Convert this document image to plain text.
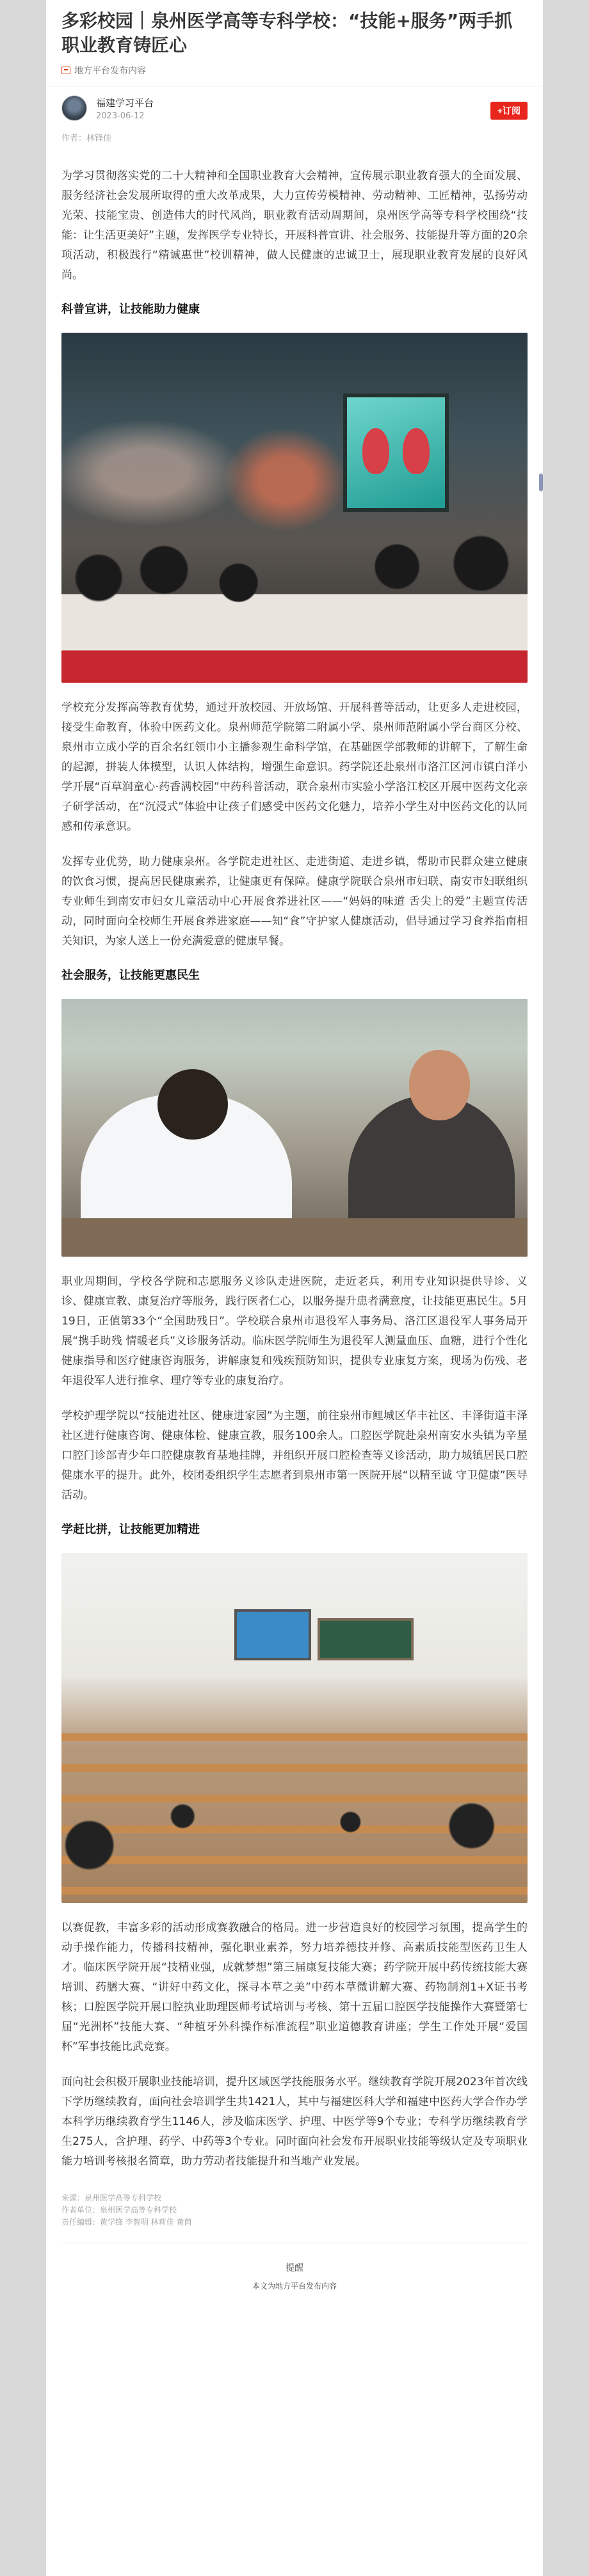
多彩校园｜泉州医学高等专科学校：“技能+服务”两手抓 职业教育铸匠心
地方平台发布内容
福建学习平台
2023-06-12	+订阅
作者：林锋佳

为学习贯彻落实党的二十大精神和全国职业教育大会精神，宣传展示职业教育强大的全面发展、服务经济社会发展所取得的重大改革成果，大力宣传劳模精神、劳动精神、工匠精神，弘扬劳动光荣、技能宝贵、创造伟大的时代风尚，职业教育活动周期间，泉州医学高等专科学校围绕“技能：让生活更美好”主题，发挥医学专业特长，开展科普宣讲、社会服务、技能提升等方面的20余项活动，积极践行“精诚惠世”校训精神，做人民健康的忠诚卫士，展现职业教育发展的良好风尚。

科普宣讲，让技能助力健康

学校充分发挥高等教育优势，通过开放校园、开放场馆、开展科普等活动，让更多人走进校园，接受生命教育，体验中医药文化。泉州师范学院第二附属小学、泉州师范附属小学台商区分校、泉州市立成小学的百余名红领巾小主播参观生命科学馆，在基础医学部教师的讲解下，了解生命的起源，拼装人体模型，认识人体结构，增强生命意识。药学院还赴泉州市洛江区河市镇白洋小学开展“百草润童心·药香满校园”中药科普活动，联合泉州市实验小学洛江校区开展中医药文化亲子研学活动，在“沉浸式”体验中让孩子们感受中医药文化魅力，培养小学生对中医药文化的认同感和传承意识。

发挥专业优势，助力健康泉州。各学院走进社区、走进街道、走进乡镇，帮助市民群众建立健康的饮食习惯，提高居民健康素养，让健康更有保障。健康学院联合泉州市妇联、南安市妇联组织专业师生到南安市妇女儿童活动中心开展食养进社区——“妈妈的味道 舌尖上的爱”主题宣传活动，同时面向全校师生开展食养进家庭——知“食”守护家人健康活动，倡导通过学习食养指南相关知识，为家人送上一份充满爱意的健康早餐。

社会服务，让技能更惠民生

职业周期间，学校各学院和志愿服务义诊队走进医院，走近老兵，利用专业知识提供导诊、义诊、健康宣教、康复治疗等服务，践行医者仁心，以服务提升患者满意度，让技能更惠民生。5月19日，正值第33个“全国助残日”。学校联合泉州市退役军人事务局、洛江区退役军人事务局开展“携手助残 情暖老兵”义诊服务活动。临床医学院师生为退役军人测量血压、血糖，进行个性化健康指导和医疗健康咨询服务，讲解康复和残疾预防知识，提供专业康复方案，现场为伤残、老年退役军人进行推拿、理疗等专业的康复治疗。

学校护理学院以“技能进社区、健康进家园”为主题，前往泉州市鲤城区华丰社区、丰泽街道丰泽社区进行健康咨询、健康体检、健康宣教，服务100余人。口腔医学院赴泉州南安水头镇为辛星口腔门诊部青少年口腔健康教育基地挂牌，并组织开展口腔检查等义诊活动，助力城镇居民口腔健康水平的提升。此外，校团委组织学生志愿者到泉州市第一医院开展“以精至诚 守卫健康”医导活动。

学赶比拼，让技能更加精进

以赛促教，丰富多彩的活动形成赛教融合的格局。进一步营造良好的校园学习氛围，提高学生的动手操作能力，传播科技精神，强化职业素养，努力培养德技并修、高素质技能型医药卫生人才。临床医学院开展“技精业强，成就梦想”第三届康复技能大赛；药学院开展中药传统技能大赛培训、药膳大赛、“讲好中药文化，探寻本草之美”中药本草微讲解大赛、药物制剂1+X证书考核；口腔医学院开展口腔执业助理医师考试培训与考核、第十五届口腔医学技能操作大赛暨第七届“光洲杯”技能大赛、“种植牙外科操作标准流程”职业道德教育讲座；学生工作处开展“爱国杯”军事技能比武竞赛。

面向社会积极开展职业技能培训，提升区域医学技能服务水平。继续教育学院开展2023年首次线下学历继续教育，面向社会培训学生共1421人，其中与福建医科大学和福建中医药大学合作办学本科学历继续教育学生1146人，涉及临床医学、护理、中医学等9个专业；专科学历继续教育学生275人，含护理、药学、中药等3个专业。同时面向社会发布开展职业技能等级认定及专项职业能力培训考核报名简章，助力劳动者技能提升和当地产业发展。

来源：泉州医学高等专科学校
作者单位：泉州医学高等专科学校
责任编辑：黄学锋 李智明 林莉佳 黄茵
提醒
本文为地方平台发布内容
